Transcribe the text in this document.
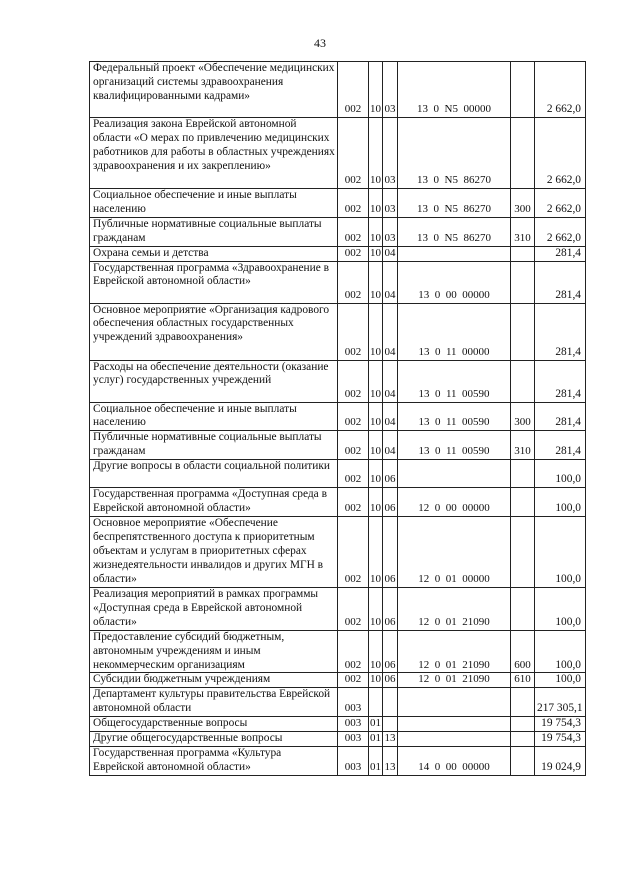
43
Федеральный проект «Обеспечение медицинских организаций системы здравоохранения квалифицированными кадрами»	002	10	03	13  0  N5  00000		2 662,0
Реализация закона Еврейской автономной области «О мерах по привлечению медицинских работников для работы в областных учреждениях здравоохранения и их закреплению»	002	10	03	13  0  N5  86270		2 662,0
Социальное обеспечение и иные выплаты населению	002	10	03	13  0  N5  86270	300	2 662,0
Публичные нормативные социальные выплаты гражданам	002	10	03	13  0  N5  86270	310	2 662,0
Охрана семьи и детства	002	10	04			281,4
Государственная программа «Здравоохранение в Еврейской автономной области»	002	10	04	13  0  00  00000		281,4
Основное мероприятие «Организация кадрового обеспечения областных государственных учреждений здравоохранения»	002	10	04	13  0  11  00000		281,4
Расходы на обеспечение деятельности (оказание услуг) государственных учреждений	002	10	04	13  0  11  00590		281,4
Социальное обеспечение и иные выплаты населению	002	10	04	13  0  11  00590	300	281,4
Публичные нормативные социальные выплаты гражданам	002	10	04	13  0  11  00590	310	281,4
Другие вопросы в области социальной политики	002	10	06			100,0
Государственная программа «Доступная среда в Еврейской автономной области»	002	10	06	12  0  00  00000		100,0
Основное мероприятие «Обеспечение беспрепятственного доступа к приоритетным объектам и услугам в приоритетных сферах жизнедеятельности инвалидов и других МГН в области»	002	10	06	12  0  01  00000		100,0
Реализация мероприятий в рамках программы «Доступная среда в Еврейской автономной области»	002	10	06	12  0  01  21090		100,0
Предоставление субсидий бюджетным, автономным учреждениям и иным некоммерческим организациям	002	10	06	12  0  01  21090	600	100,0
Субсидии бюджетным учреждениям	002	10	06	12  0  01  21090	610	100,0
Департамент культуры правительства Еврейской автономной области	003					217 305,1
Общегосударственные вопросы	003	01				19 754,3
Другие общегосударственные вопросы	003	01	13			19 754,3
Государственная программа «Культура Еврейской автономной области»	003	01	13	14  0  00  00000		19 024,9
